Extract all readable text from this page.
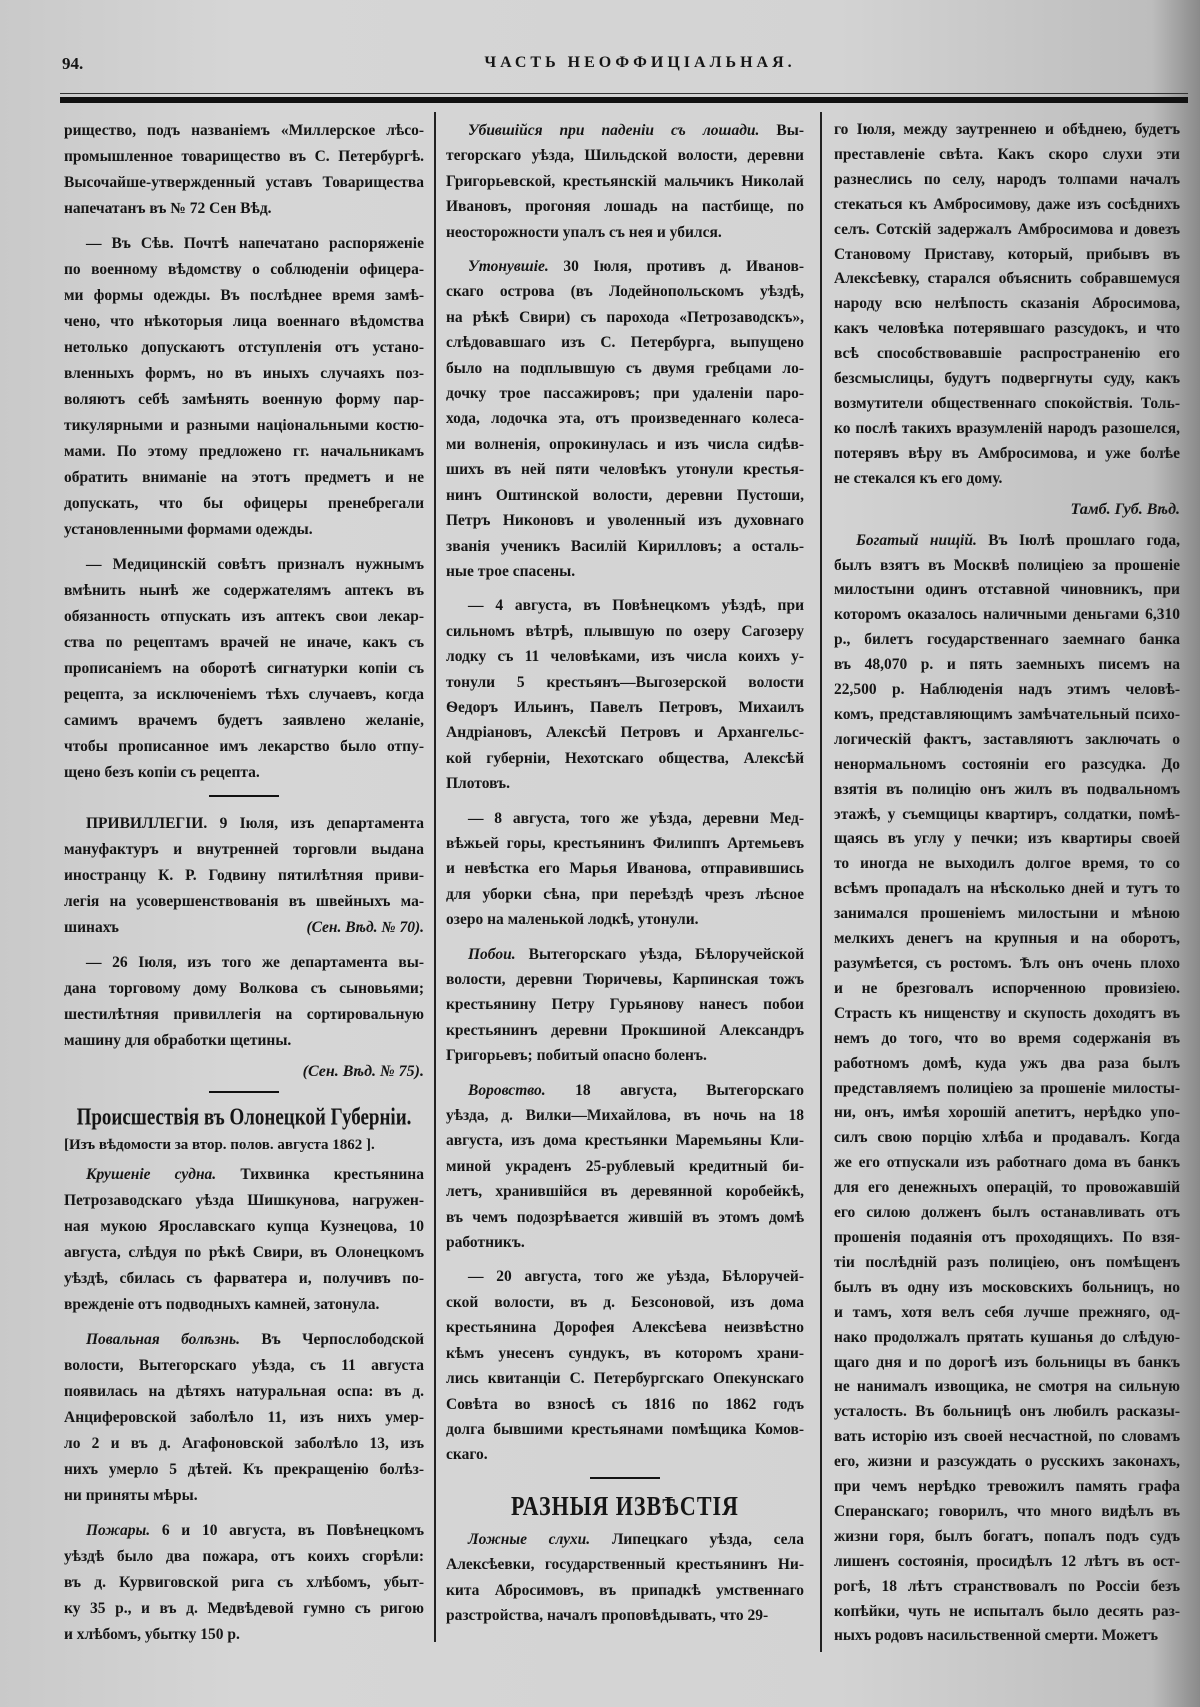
94.	ЧАСТЬ НЕОФФИЦІАЛЬНАЯ.
рищество, подъ названіемъ «Миллерское лѣсо-
промышленное товарищество въ С. Петербургѣ.
Высочайше-утвержденный уставъ Товарищества
напечатанъ въ № 72 Сен Вѣд.
— Въ Сѣв. Почтѣ напечатано распоряженіе
по военному вѣдомству о соблюденіи офицера-
ми формы одежды. Въ послѣднее время замѣ-
чено, что нѣкоторыя лица военнаго вѣдомства
нетолько допускаютъ отступленія отъ устано-
вленныхъ формъ, но въ иныхъ случаяхъ поз-
воляютъ себѣ замѣнять военную форму пар-
тикулярными и разными національными костю-
мами. По этому предложено гг. начальникамъ
обратить вниманіе на этотъ предметъ и не
допускать, что бы офицеры пренебрегали
установленными формами одежды.
— Медицинскій совѣтъ призналъ нужнымъ
вмѣнить нынѣ же содержателямъ аптекъ въ
обязанность отпускать изъ аптекъ свои лекар-
ства по рецептамъ врачей не иначе, какъ съ
прописаніемъ на оборотѣ сигнатурки копіи съ
рецепта, за исключеніемъ тѣхъ случаевъ, когда
самимъ врачемъ будетъ заявлено желаніе,
чтобы прописанное имъ лекарство было отпу-
щено безъ копіи съ рецепта.
ПРИВИЛЛЕГІИ. 9 Іюля, изъ департамента
мануфактуръ и внутренней торговли выдана
иностранцу К. Р. Годвину пятилѣтняя приви-
легія на усовершенствованія въ швейныхъ ма-
шинахъ	(Сен. Вѣд. № 70).
— 26 Іюля, изъ того же департамента вы-
дана торговому дому Волкова съ сыновьями;
шестилѣтняя привиллегія на сортировальную
машину для обработки щетины.
(Сен. Вѣд. № 75).
Происшествія въ Олонецкой Губерніи.
[Изъ вѣдомости за втор. полов. августа 1862 ].
Крушеніе судна. Тихвинка крестьянина
Петрозаводскаго уѣзда Шишкунова, нагружен-
ная мукою Ярославскаго купца Кузнецова, 10
августа, слѣдуя по рѣкѣ Свири, въ Олонецкомъ
уѣздѣ, сбилась съ фарватера и, получивъ по-
врежденіе отъ подводныхъ камней, затонула.
Повальная болѣзнь. Въ Черпослободской
волости, Вытегорскаго уѣзда, съ 11 августа
появилась на дѣтяхъ натуральная оспа: въ д.
Анциферовской заболѣло 11, изъ нихъ умер-
ло 2 и въ д. Агафоновской заболѣло 13, изъ
нихъ умерло 5 дѣтей. Къ прекращенію болѣз-
ни приняты мѣры.
Пожары. 6 и 10 августа, въ Повѣнецкомъ
уѣздѣ было два пожара, отъ коихъ сгорѣли:
въ д. Курвиговской рига съ хлѣбомъ, убыт-
ку 35 р., и въ д. Медвѣдевой гумно съ ригою
и хлѣбомъ, убытку 150 р.
Убившійся при паденіи съ лошади. Вы-
тегорскаго уѣзда, Шильдской волости, деревни
Григорьевской, крестьянскій мальчикъ Николай
Ивановъ, прогоняя лошадь на пастбище, по
неосторожности упалъ съ нея и убился.
Утонувшіе. 30 Іюля, противъ д. Иванов-
скаго острова (въ Лодейнопольскомъ уѣздѣ,
на рѣкѣ Свири) съ парохода «Петрозаводскъ»,
слѣдовавшаго изъ С. Петербурга, выпущено
было на подплывшую съ двумя гребцами ло-
дочку трое пассажировъ; при удаленіи паро-
хода, лодочка эта, отъ произведеннаго колеса-
ми волненія, опрокинулась и изъ числа сидѣв-
шихъ въ ней пяти человѣкъ утонули крестья-
нинъ Оштинской волости, деревни Пустоши,
Петръ Никоновъ и уволенный изъ духовнаго
званія ученикъ Василій Кирилловъ; а осталь-
ные трое спасены.
— 4 августа, въ Повѣнецкомъ уѣздѣ, при
сильномъ вѣтрѣ, плывшую по озеру Сагозеру
лодку съ 11 человѣками, изъ числа коихъ у-
тонули 5 крестьянъ—Выгозерской волости
Ѳедоръ Ильинъ, Павелъ Петровъ, Михаилъ
Андріановъ, Алексѣй Петровъ и Архангельс-
кой губерніи, Нехотскаго общества, Алексѣй
Плотовъ.
— 8 августа, того же уѣзда, деревни Мед-
вѣжьей горы, крестьянинъ Филиппъ Артемьевъ
и невѣстка его Марья Иванова, отправившись
для уборки сѣна, при переѣздѣ чрезъ лѣсное
озеро на маленькой лодкѣ, утонули.
Побои. Вытегорскаго уѣзда, Бѣлоручейской
волости, деревни Тюричевы, Карпинская тожъ
крестьянину Петру Гурьянову нанесъ побои
крестьянинъ деревни Прокшиной Александръ
Григорьевъ; побитый опасно боленъ.
Воровство. 18 августа, Вытегорскаго
уѣзда, д. Вилки—Михайлова, въ ночь на 18
августа, изъ дома крестьянки Маремьяны Кли-
миной украденъ 25-рублевый кредитный би-
летъ, хранившійся въ деревянной коробейкѣ,
въ чемъ подозрѣвается жившій въ этомъ домѣ
работникъ.
— 20 августа, того же уѣзда, Бѣлоручей-
ской волости, въ д. Безсоновой, изъ дома
крестьянина Дорофея Алексѣева неизвѣстно
кѣмъ унесенъ сундукъ, въ которомъ храни-
лись квитанціи С. Петербургскаго Опекунскаго
Совѣта во взносѣ съ 1816 по 1862 годъ
долга бывшими крестьянами помѣщика Комов-
скаго.
РАЗНЫЯ ИЗВѢСТІЯ
Ложные слухи. Липецкаго уѣзда, села
Алексѣевки, государственный крестьянинъ Ни-
кита Абросимовъ, въ припадкѣ умственнаго
разстройства, началъ проповѣдывать, что 29-
го Іюля, между заутреннею и обѣднею, будетъ
преставленіе свѣта. Какъ скоро слухи эти
разнеслись по селу, народъ толпами началъ
стекаться къ Амбросимову, даже изъ сосѣднихъ
селъ. Сотскій задержалъ Амбросимова и довезъ
Становому Приставу, который, прибывъ въ
Алексѣевку, старался объяснить собравшемуся
народу всю нелѣпость сказанія Абросимова,
какъ человѣка потерявшаго разсудокъ, и что
всѣ способствовавшіе распространенію его
безсмыслицы, будутъ подвергнуты суду, какъ
возмутители общественнаго спокойствія. Толь-
ко послѣ такихъ вразумленій народъ разошелся,
потерявъ вѣру въ Амбросимова, и уже болѣе
не стекался къ его дому.
Тамб. Губ. Вѣд.
Богатый нищій. Въ Іюлѣ прошлаго года,
былъ взятъ въ Москвѣ полиціею за прошеніе
милостыни одинъ отставной чиновникъ, при
которомъ оказалось наличными деньгами 6,310
р., билетъ государственнаго заемнаго банка
въ 48,070 р. и пять заемныхъ писемъ на
22,500 р. Наблюденія надъ этимъ человѣ-
комъ, представляющимъ замѣчательный психо-
логическій фактъ, заставляютъ заключать о
ненормальномъ состояніи его разсудка. До
взятія въ полицію онъ жилъ въ подвальномъ
этажѣ, у съемщицы квартиръ, солдатки, помѣ-
щаясь въ углу у печки; изъ квартиры своей
то иногда не выходилъ долгое время, то со
всѣмъ пропадалъ на нѣсколько дней и тутъ то
занимался прошеніемъ милостыни и мѣною
мелкихъ денегъ на крупныя и на оборотъ,
разумѣется, съ ростомъ. Ѣлъ онъ очень плохо
и не брезговалъ испорченною провизіею.
Страсть къ нищенству и скупость доходятъ въ
немъ до того, что во время содержанія въ
работномъ домѣ, куда ужъ два раза былъ
представляемъ полиціею за прошеніе милосты-
ни, онъ, имѣя хорошій апетитъ, нерѣдко упо-
силъ свою порцію хлѣба и продавалъ. Когда
же его отпускали изъ работнаго дома въ банкъ
для его денежныхъ операцій, то провожавшій
его силою долженъ былъ останавливать отъ
прошенія подаянія отъ проходящихъ. По взя-
тіи послѣдній разъ полиціею, онъ помѣщенъ
былъ въ одну изъ московскихъ больницъ, но
и тамъ, хотя велъ себя лучше прежняго, од-
нако продолжалъ прятать кушанья до слѣдую-
щаго дня и по дорогѣ изъ больницы въ банкъ
не нанималъ извощика, не смотря на сильную
усталость. Въ больницѣ онъ любилъ расказы-
вать исторію изъ своей несчастной, по словамъ
его, жизни и разсуждать о русскихъ законахъ,
при чемъ нерѣдко тревожилъ память графа
Сперанскаго; говорилъ, что много видѣлъ въ
жизни горя, былъ богатъ, попалъ подъ судъ
лишенъ состоянія, просидѣлъ 12 лѣтъ въ ост-
рогѣ, 18 лѣтъ странствовалъ по Россіи безъ
копѣйки, чуть не испыталъ было десять раз-
ныхъ родовъ насильственной смерти. Можетъ
